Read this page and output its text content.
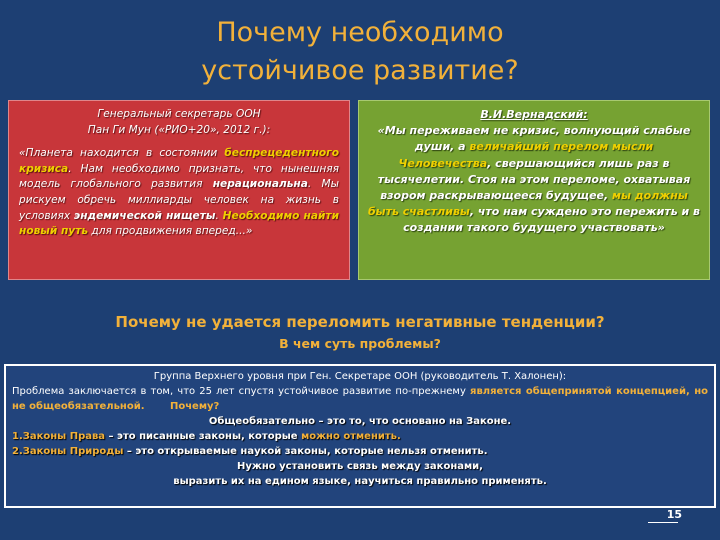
Почему необходимо
устойчивое развитие?
Генеральный секретарь ООН
Пан Ги Мун («РИО+20», 2012 г.):
«Планета находится в состоянии беспрецедентного кризиса. Нам необходимо признать, что нынешняя модель глобального развития нерациональна. Мы рискуем обречь миллиарды человек на жизнь в условиях эндемической нищеты. Необходимо найти новый путь для продвижения вперед...»
В.И.Вернадский:
«Мы переживаем не кризис, волнующий слабые души, а величайший перелом мысли Человечества, свершающийся лишь раз в тысячелетии. Стоя на этом переломе, охватывая взором раскрывающееся будущее, мы должны быть счастливы, что нам суждено это пережить и в создании такого будущего участвовать»
Почему не удается переломить негативные тенденции?
В чем суть проблемы?
Группа Верхнего уровня при Ген. Секретаре ООН (руководитель Т. Халонен):
Проблема заключается в том, что 25 лет спустя устойчивое развитие по-прежнему является общепринятой концепцией, но не общеобязательной.	Почему?
Общеобязательно – это то, что основано на Законе.
1.Законы Права – это писанные законы, которые можно отменить.
2.Законы Природы – это открываемые наукой законы, которые нельзя отменить.
Нужно установить связь между законами,
выразить их на едином языке, научиться правильно применять.
15
